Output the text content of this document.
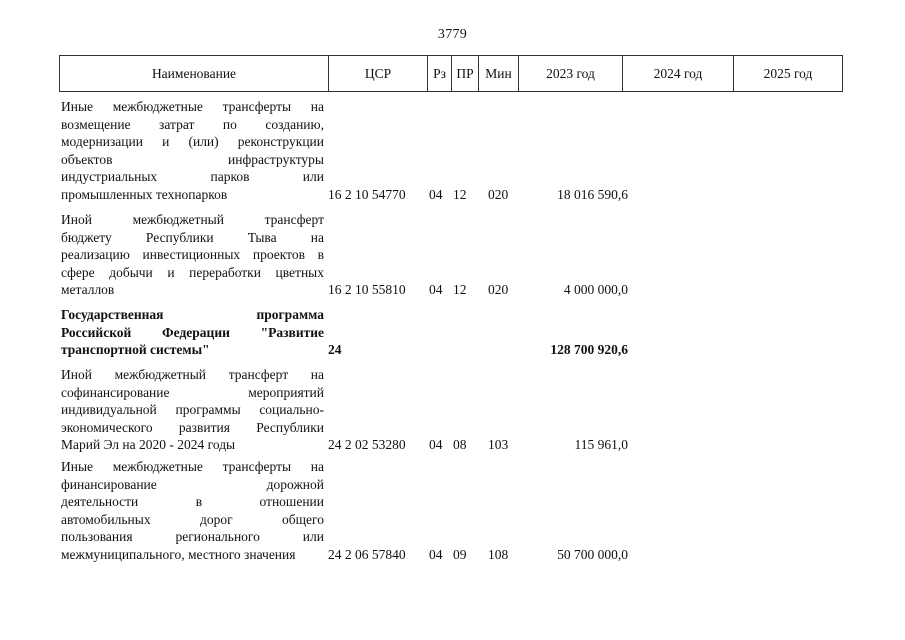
3779
Наименование	ЦСР	Рз ПР Мин	2023 год	2024 год	2025 год
Иные межбюджетные трансферты на
возмещение затрат по созданию,
модернизации и (или) реконструкции
объектов инфраструктуры
индустриальных парков или
промышленных технопарков	16 2 10 54770 04 12 020	18 016 590,6
Иной межбюджетный трансферт
бюджету Республики Тыва на
реализацию инвестиционных проектов в
сфере добычи и переработки цветных
металлов	16 2 10 55810 04 12 020	4 000 000,0
Государственная программа
Российской Федерации "Развитие
транспортной системы"	24	128 700 920,6
Иной межбюджетный трансферт на
софинансирование мероприятий
индивидуальной программы социально-
экономического развития Республики
Марий Эл на 2020 - 2024 годы	24 2 02 53280 04 08 103	115 961,0
Иные межбюджетные трансферты на
финансирование дорожной
деятельности в отношении
автомобильных дорог общего
пользования регионального или
межмуниципального, местного значения	24 2 06 57840 04 09 108	50 700 000,0
